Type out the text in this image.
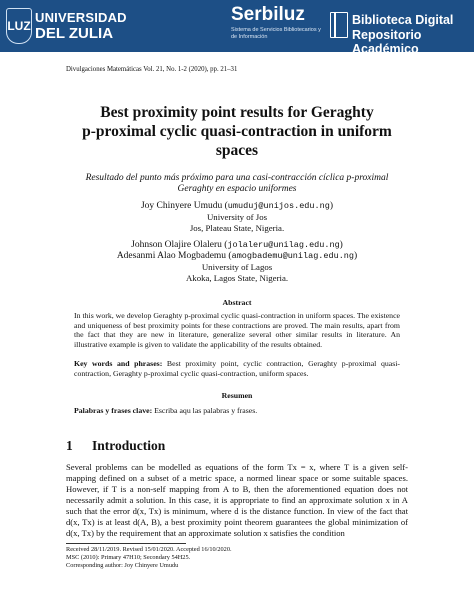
LUZ
UNIVERSIDAD
DEL ZULIA
Serbiluz
Sistema de Servicios Bibliotecarios y de Información
Biblioteca Digital
Repositorio Académico
Divulgaciones Matemáticas Vol. 21, No. 1-2 (2020), pp. 21–31
Best proximity point results for Geraghty
p-proximal cyclic quasi-contraction in uniform
spaces
Resultado del punto más próximo para una casi-contracción cíclica p-proximal
Geraghty en espacio uniformes
Joy Chinyere Umudu (umuduj@unijos.edu.ng)
University of Jos
Jos, Plateau State, Nigeria.
Johnson Olajire Olaleru (jolaleru@unilag.edu.ng)
Adesanmi Alao Mogbademu (amogbademu@unilag.edu.ng)
University of Lagos
Akoka, Lagos State, Nigeria.
Abstract
In this work, we develop Geraghty p-proximal cyclic quasi-contraction in uniform spaces. The existence and uniqueness of best proximity points for these contractions are proved. The main results, apart from the fact that they are new in literature, generalize several other similar results in literature. An illustrative example is given to validate the applicability of the results obtained.
Key words and phrases: Best proximity point, cyclic contraction, Geraghty p-proximal quasi-contraction, Geraghty p-proximal cyclic quasi-contraction, uniform spaces.
Resumen
Palabras y frases clave: Escriba aqu las palabras y frases.
1 Introduction
Several problems can be modelled as equations of the form Tx = x, where T is a given self-mapping defined on a subset of a metric space, a normed linear space or some suitable spaces. However, if T is a non-self mapping from A to B, then the aforementioned equation does not necessarily admit a solution. In this case, it is appropriate to find an approximate solution x in A such that the error d(x, Tx) is minimum, where d is the distance function. In view of the fact that d(x, Tx) is at least d(A, B), a best proximity point theorem guarantees the global minimization of d(x, Tx) by the requirement that an approximate solution x satisfies the condition
Received 28/11/2019. Revised 15/01/2020. Accepted 16/10/2020.
MSC (2010): Primary 47H10; Secondary 54H25.
Corresponding author: Joy Chinyere Umudu
